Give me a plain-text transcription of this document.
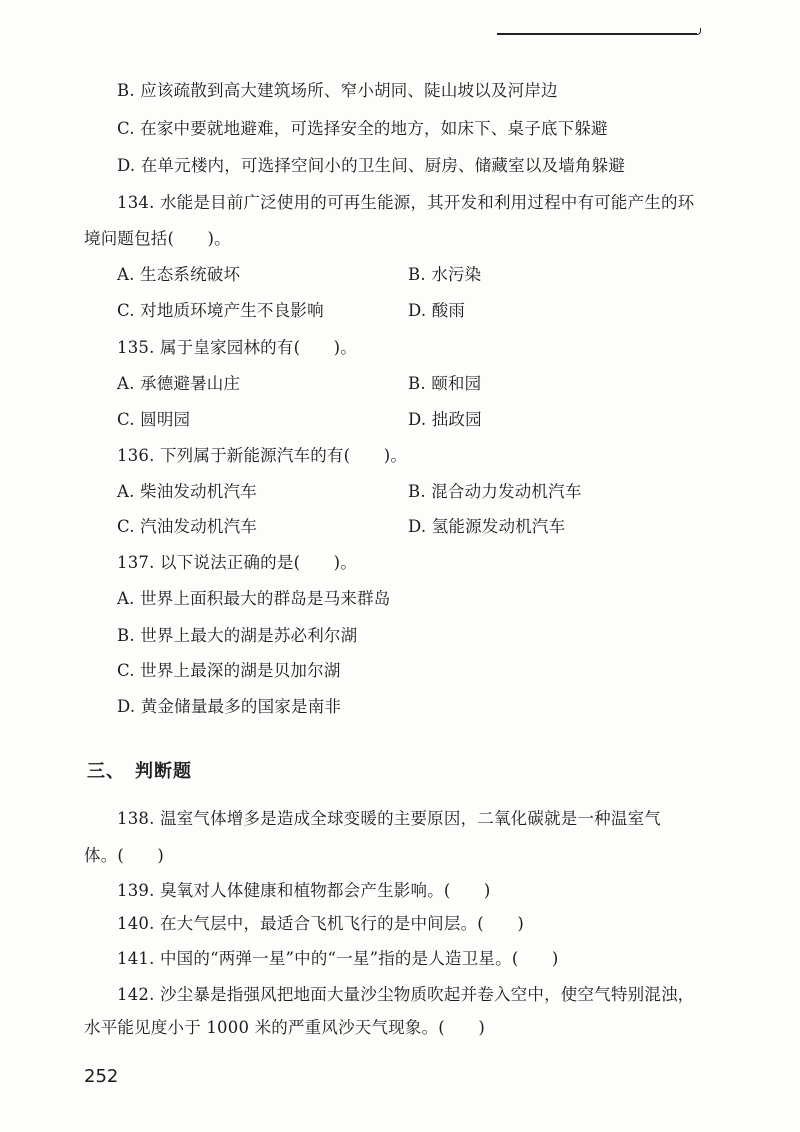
B. 应该疏散到高大建筑场所、窄小胡同、陡山坡以及河岸边
C. 在家中要就地避难，可选择安全的地方，如床下、桌子底下躲避
D. 在单元楼内，可选择空间小的卫生间、厨房、储藏室以及墙角躲避
134. 水能是目前广泛使用的可再生能源，其开发和利用过程中有可能产生的环
境问题包括(　　)。
A. 生态系统破坏	B. 水污染
C. 对地质环境产生不良影响	D. 酸雨
135. 属于皇家园林的有(　　)。
A. 承德避暑山庄	B. 颐和园
C. 圆明园	D. 拙政园
136. 下列属于新能源汽车的有(　　)。
A. 柴油发动机汽车	B. 混合动力发动机汽车
C. 汽油发动机汽车	D. 氢能源发动机汽车
137. 以下说法正确的是(　　)。
A. 世界上面积最大的群岛是马来群岛
B. 世界上最大的湖是苏必利尔湖
C. 世界上最深的湖是贝加尔湖
D. 黄金储量最多的国家是南非
三、　判断题
138. 温室气体增多是造成全球变暖的主要原因，二氧化碳就是一种温室气
体。(　　)
139. 臭氧对人体健康和植物都会产生影响。(　　)
140. 在大气层中，最适合飞机飞行的是中间层。(　　)
141. 中国的“两弹一星”中的“一星”指的是人造卫星。(　　)
142. 沙尘暴是指强风把地面大量沙尘物质吹起并卷入空中，使空气特别混浊，
水平能见度小于 1000 米的严重风沙天气现象。(　　)
252
